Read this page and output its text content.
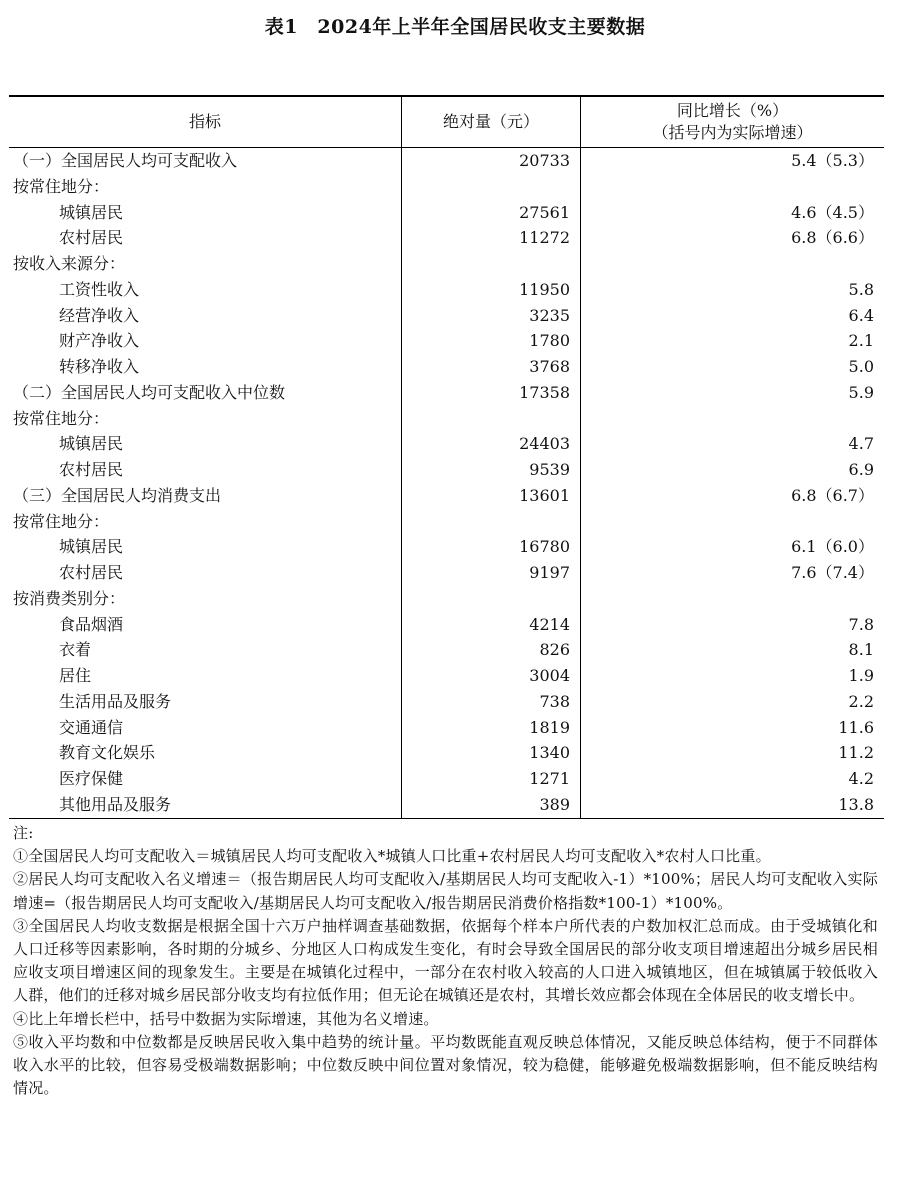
表1　2024年上半年全国居民收支主要数据
指标	绝对量（元）	同比增长（%）
（括号内为实际增速）

（一）全国居民人均可支配收入	20733	5.4（5.3）
按常住地分：		
城镇居民	27561	4.6（4.5）
农村居民	11272	6.8（6.6）
按收入来源分：		
工资性收入	11950	5.8
经营净收入	3235	6.4
财产净收入	1780	2.1
转移净收入	3768	5.0
（二）全国居民人均可支配收入中位数	17358	5.9
按常住地分：		
城镇居民	24403	4.7
农村居民	9539	6.9
（三）全国居民人均消费支出	13601	6.8（6.7）
按常住地分：		
城镇居民	16780	6.1（6.0）
农村居民	9197	7.6（7.4）
按消费类别分：		
食品烟酒	4214	7.8
衣着	826	8.1
居住	3004	1.9
生活用品及服务	738	2.2
交通通信	1819	11.6
教育文化娱乐	1340	11.2
医疗保健	1271	4.2
其他用品及服务	389	13.8

注:

①全国居民人均可支配收入＝城镇居民人均可支配收入*城镇人口比重+农村居民人均可支配收入*农村人口比重。

②居民人均可支配收入名义增速＝（报告期居民人均可支配收入/基期居民人均可支配收入-1）*100%；居民人均可支配收入实际增速=（报告期居民人均可支配收入/基期居民人均可支配收入/报告期居民消费价格指数*100-1）*100%。

③全国居民人均收支数据是根据全国十六万户抽样调查基础数据，依据每个样本户所代表的户数加权汇总而成。由于受城镇化和人口迁移等因素影响，各时期的分城乡、分地区人口构成发生变化，有时会导致全国居民的部分收支项目增速超出分城乡居民相应收支项目增速区间的现象发生。主要是在城镇化过程中，一部分在农村收入较高的人口进入城镇地区，但在城镇属于较低收入人群，他们的迁移对城乡居民部分收支均有拉低作用；但无论在城镇还是农村，其增长效应都会体现在全体居民的收支增长中。

④比上年增长栏中，括号中数据为实际增速，其他为名义增速。

⑤收入平均数和中位数都是反映居民收入集中趋势的统计量。平均数既能直观反映总体情况，又能反映总体结构，便于不同群体收入水平的比较，但容易受极端数据影响；中位数反映中间位置对象情况，较为稳健，能够避免极端数据影响，但不能反映结构情况。
